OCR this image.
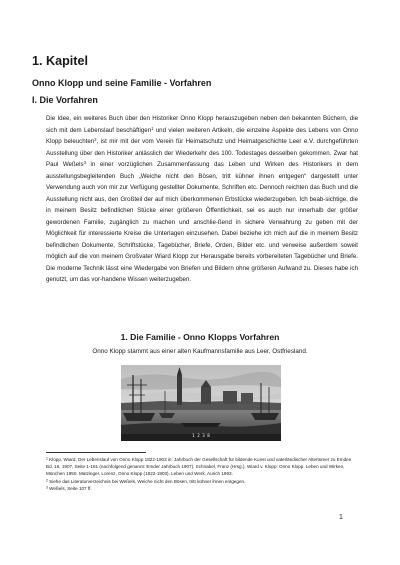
1. Kapitel
Onno Klopp und seine Familie - Vorfahren
I. Die Vorfahren

Die Idee, ein weiteres Buch über den Historiker Onno Klopp herauszugeben neben den bekannten Büchern, die sich mit dem Lebenslauf beschäftigen$^1$ und vielen weiteren Artikeln, die einzelne Aspekte des Lebens von Onno Klopp beleuchten$^2$, ist mir mit der vom Verein für Heimatschutz und Heimatgeschichte Leer e.V. durchgeführten Ausstellung über den Historiker anlässlich der Wiederkehr des 100. Todestages desselben gekommen. Zwar hat Paul Weßels$^3$ in einer vorzüglichen Zusammenfassung das Leben und Wirken des Historikers in dem ausstellungsbegleitenden Buch „Weiche nicht den Bösen, tritt kühner ihnen entgegen“ dargestellt unter Verwendung auch von mir zur Verfügung gestellter Dokumente, Schriften etc. Dennoch reichten das Buch und die Ausstellung nicht aus, den Großteil der auf mich überkommenen Erbstücke wiederzugeben. Ich beab-sichtige, die in meinem Besitz befindlichen Stücke einer größeren Öffentlichkeit, sei es auch nur innerhalb der größer gewordenen Familie, zugänglich zu machen und anschlie-ßend in sichere Verwahrung zu geben mit der Möglichkeit für interessierte Kreise die Unterlagen einzusehen. Dabei beziehe ich mich auf die in meinem Besitz befindlichen Dokumente, Schriftstücke, Tagebücher, Briefe, Orden, Bilder etc. und verweise außerdem soweit möglich auf die von meinem Großvater Wiard Klopp zur Herausgabe bereits vorbereiteten Tagebücher und Briefe. Die moderne Technik lässt eine Wiedergabe von Briefen und Bildern ohne größeren Aufwand zu. Dieses habe ich genutzt, um das vor-handene Wissen weiterzugeben.

1. Die Familie - Onno Klopps Vorfahren
Onno Klopp stammt aus einer alten Kaufmannsfamilie aus Leer, Ostfriesland.
1 2 3 8

$^1$ Klopp, Wiard, Der Lebenslauf von Onno Klopp 1822-1903 in: Jahrbuch der Gesellschaft für bildende Kunst und vaterländischer Altertümer zu Emden Bd. 16, 1907, Seite 1-181 (nachfolgend genannt: Emder Jahrbuch 1907). Schnabel, Franz (Hrsg.), Wiard v. Klopp: Onno Klopp. Leben und Wirken, München 1950. Matzinger, Lorenz, Onno Klopp (1822-1903). Leben und Werk, Aurich 1993.

$^2$ Siehe das Literaturverzeichnis bei Weßels, Weiche nicht den Bösen, tritt kühner ihnen entgegen.

$^3$ Weßels, Seite 107 ff.

1
